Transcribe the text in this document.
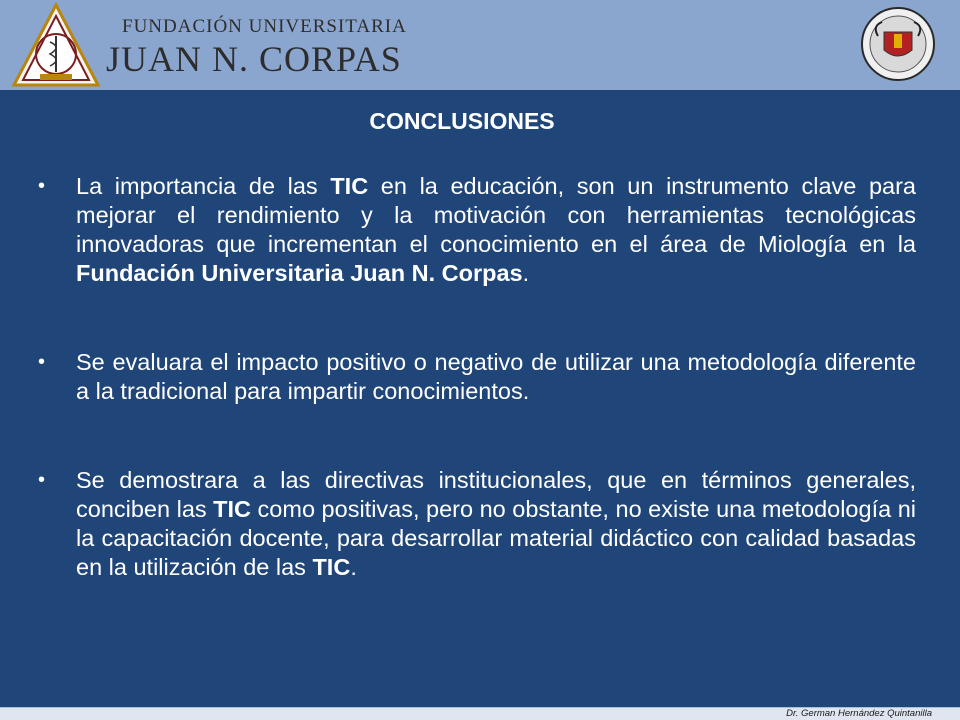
FUNDACIÓN UNIVERSITARIA
JUAN N. CORPAS
CONCLUSIONES
• La importancia de las TIC en la educación, son un instrumento clave para mejorar el rendimiento y la motivación con herramientas tecnológicas innovadoras que incrementan el conocimiento en el área de Miología en la Fundación Universitaria Juan N. Corpas.

• Se evaluara el impacto positivo o negativo de utilizar una metodología diferente a la tradicional para impartir conocimientos.

• Se demostrara a las directivas institucionales, que en términos generales, conciben las TIC como positivas, pero no obstante, no existe una metodología ni la capacitación docente, para desarrollar material didáctico con calidad basadas en la utilización de las TIC.

Dr. German Hernández Quintanilla
